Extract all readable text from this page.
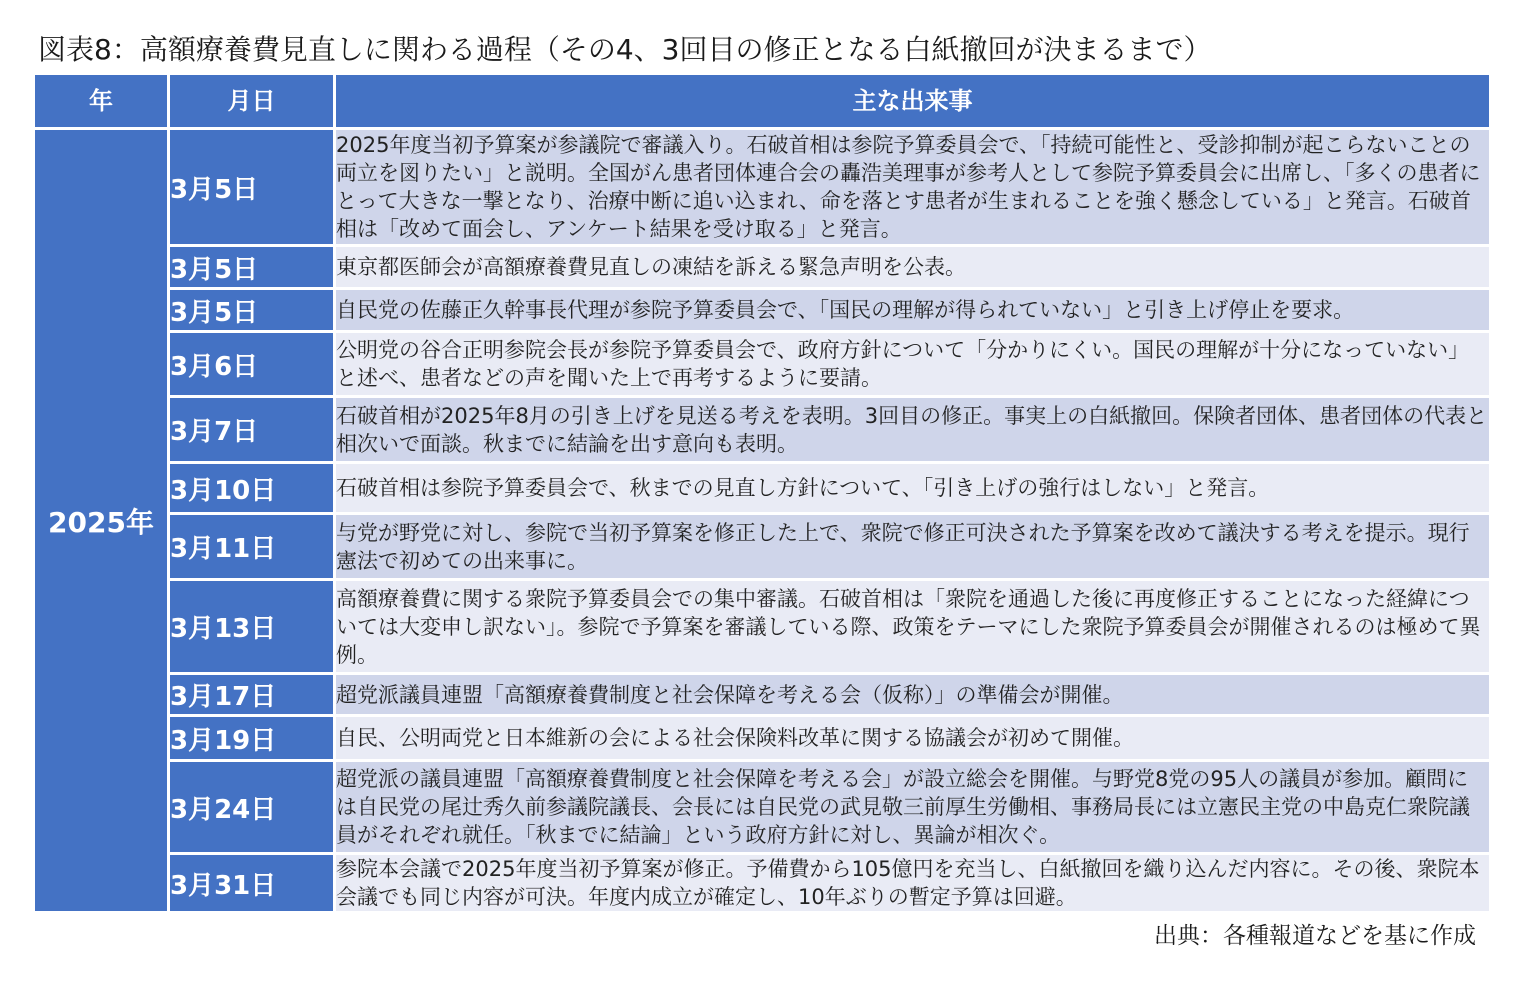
図表8：高額療養費見直しに関わる過程（その4、3回目の修正となる白紙撤回が決まるまで）
年	月日	主な出来事
2025年	3月5日	2025年度当初予算案が参議院で審議入り。石破首相は参院予算委員会で、「持続可能性と、受診抑制が起こらないことの両立を図りたい」と説明。全国がん患者団体連合会の轟浩美理事が参考人として参院予算委員会に出席し、「多くの患者にとって大きな一撃となり、治療中断に追い込まれ、命を落とす患者が生まれることを強く懸念している」と発言。石破首相は「改めて面会し、アンケート結果を受け取る」と発言。
	3月5日	東京都医師会が高額療養費見直しの凍結を訴える緊急声明を公表。
	3月5日	自民党の佐藤正久幹事長代理が参院予算委員会で、「国民の理解が得られていない」と引き上げ停止を要求。
	3月6日	公明党の谷合正明参院会長が参院予算委員会で、政府方針について「分かりにくい。国民の理解が十分になっていない」と述べ、患者などの声を聞いた上で再考するように要請。
	3月7日	石破首相が2025年8月の引き上げを見送る考えを表明。3回目の修正。事実上の白紙撤回。保険者団体、患者団体の代表と相次いで面談。秋までに結論を出す意向も表明。
	3月10日	石破首相は参院予算委員会で、秋までの見直し方針について、「引き上げの強行はしない」と発言。
	3月11日	与党が野党に対し、参院で当初予算案を修正した上で、衆院で修正可決された予算案を改めて議決する考えを提示。現行憲法で初めての出来事に。
	3月13日	高額療養費に関する衆院予算委員会での集中審議。石破首相は「衆院を通過した後に再度修正することになった経緯については大変申し訳ない」。参院で予算案を審議している際、政策をテーマにした衆院予算委員会が開催されるのは極めて異例。
	3月17日	超党派議員連盟「高額療養費制度と社会保障を考える会（仮称）」の準備会が開催。
	3月19日	自民、公明両党と日本維新の会による社会保険料改革に関する協議会が初めて開催。
	3月24日	超党派の議員連盟「高額療養費制度と社会保障を考える会」が設立総会を開催。与野党8党の95人の議員が参加。顧問には自民党の尾辻秀久前参議院議長、会長には自民党の武見敬三前厚生労働相、事務局長には立憲民主党の中島克仁衆院議員がそれぞれ就任。「秋までに結論」という政府方針に対し、異論が相次ぐ。
	3月31日	参院本会議で2025年度当初予算案が修正。予備費から105億円を充当し、白紙撤回を織り込んだ内容に。その後、衆院本会議でも同じ内容が可決。年度内成立が確定し、10年ぶりの暫定予算は回避。
出典：各種報道などを基に作成
